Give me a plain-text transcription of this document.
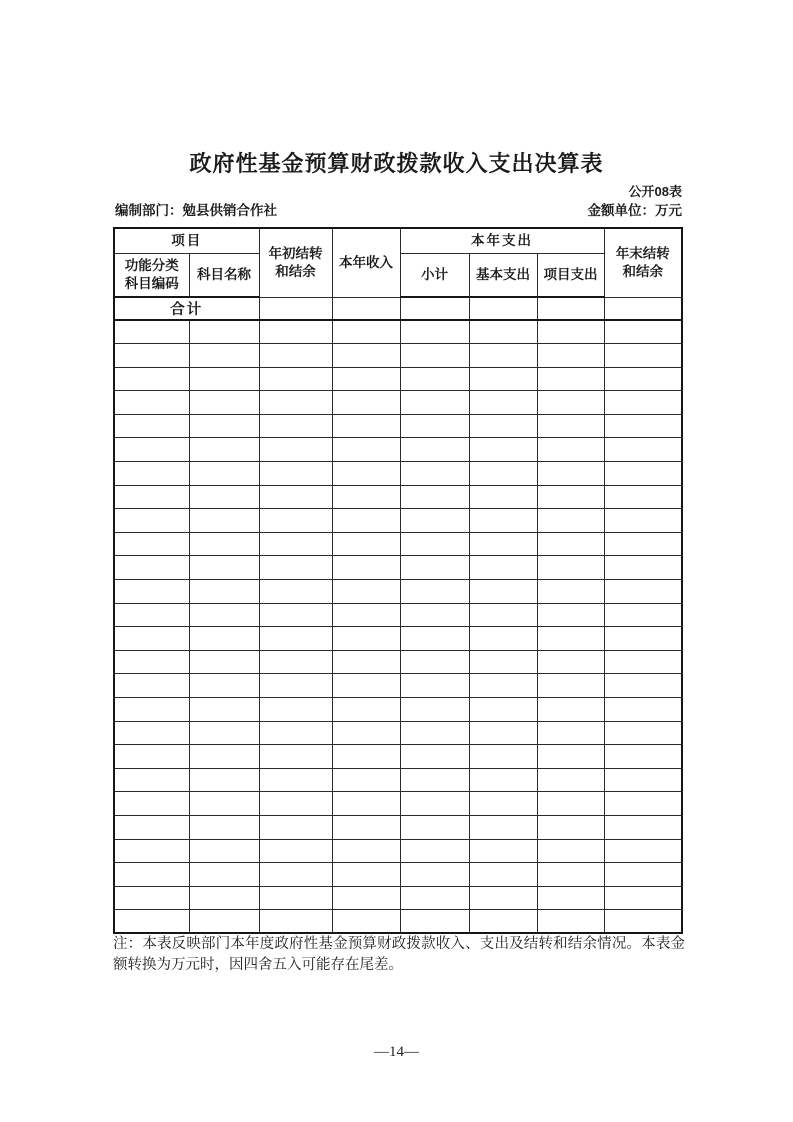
政府性基金预算财政拨款收入支出决算表
公开08表
编制部门：勉县供销合作社	金额单位：万元
项目		年初结转和结余	本年收入	本年支出			年末结转和结余
功能分类科目编码	科目名称			小计	基本支出	项目支出	
合计							

注：本表反映部门本年度政府性基金预算财政拨款收入、支出及结转和结余情况。本表金额转换为万元时，因四舍五入可能存在尾差。
—14—
